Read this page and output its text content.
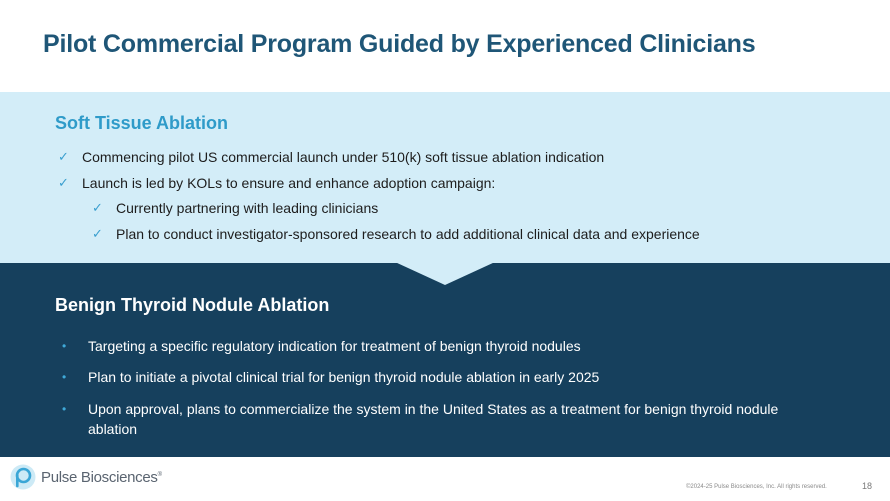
Pilot Commercial Program Guided by Experienced Clinicians
Soft Tissue Ablation
✓ Commencing pilot US commercial launch under 510(k) soft tissue ablation indication
✓ Launch is led by KOLs to ensure and enhance adoption campaign:
✓ Currently partnering with leading clinicians
✓ Plan to conduct investigator-sponsored research to add additional clinical data and experience
Benign Thyroid Nodule Ablation
•	Targeting a specific regulatory indication for treatment of benign thyroid nodules
•	Plan to initiate a pivotal clinical trial for benign thyroid nodule ablation in early 2025
•	Upon approval, plans to commercialize the system in the United States as a treatment for benign thyroid nodule ablation
Pulse Biosciences®
©2024-25 Pulse Biosciences, Inc. All rights reserved.	18
